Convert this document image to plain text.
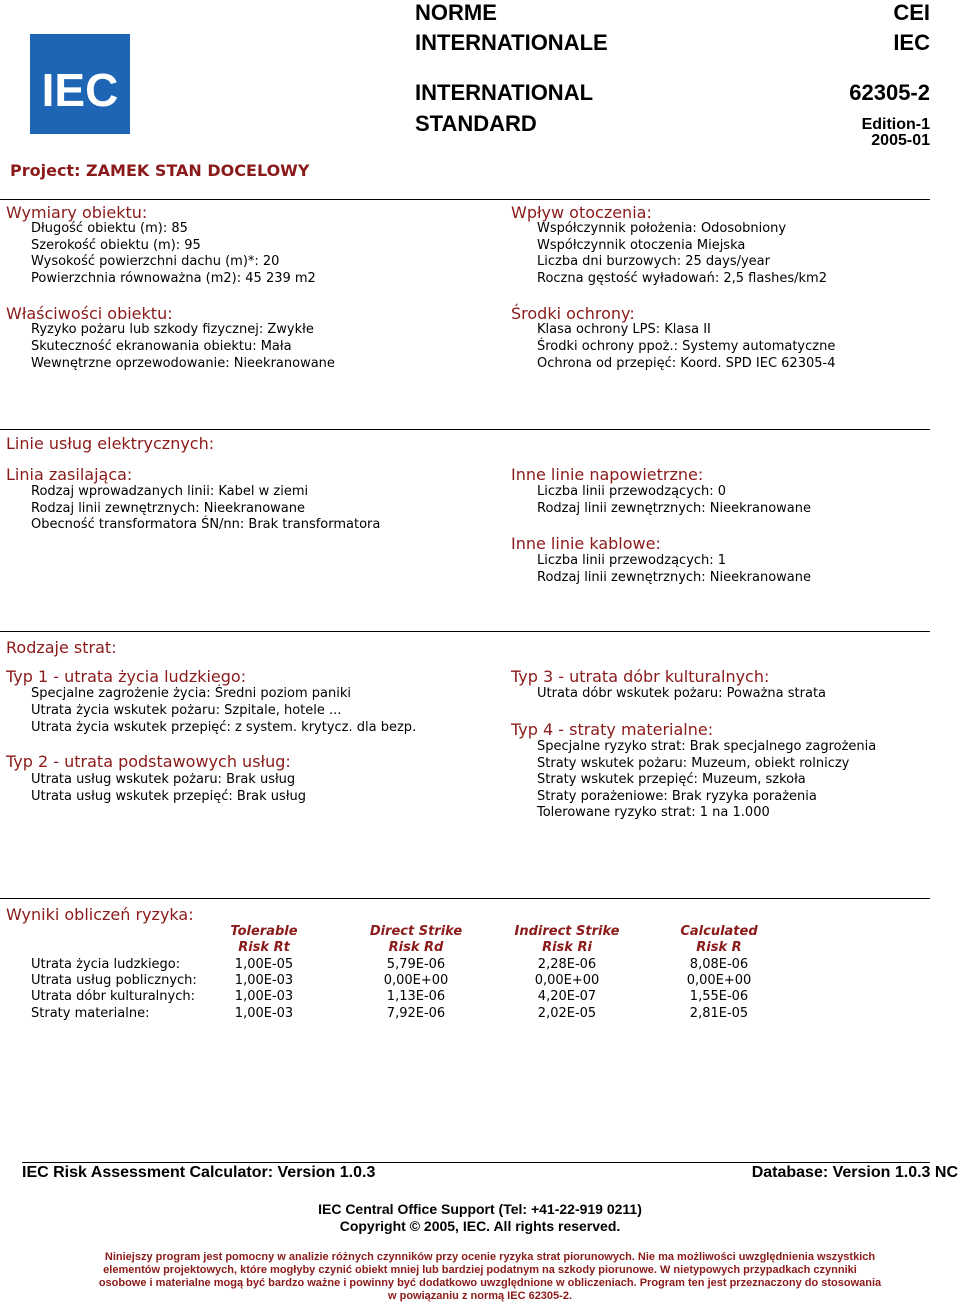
IEC
NORME
INTERNATIONALE
INTERNATIONAL
STANDARD
CEI
IEC
62305-2
Edition-1
2005-01
Project: ZAMEK STAN DOCELOWY
Wymiary obiektu:
Długość obiektu (m): 85
Szerokość obiektu (m): 95
Wysokość powierzchni dachu (m)*: 20
Powierzchnia równoważna (m2): 45 239 m2
Właściwości obiektu:
Ryzyko pożaru lub szkody fizycznej: Zwykłe
Skuteczność ekranowania obiektu: Mała
Wewnętrzne oprzewodowanie: Nieekranowane
Wpływ otoczenia:
Współczynnik położenia: Odosobniony
Współczynnik otoczenia Miejska
Liczba dni burzowych: 25 days/year
Roczna gęstość wyładowań: 2,5 flashes/km2
Środki ochrony:
Klasa ochrony LPS: Klasa II
Środki ochrony ppoż.: Systemy automatyczne
Ochrona od przepięć: Koord. SPD IEC 62305-4
Linie usług elektrycznych:
Linia zasilająca:
Rodzaj wprowadzanych linii: Kabel w ziemi
Rodzaj linii zewnętrznych: Nieekranowane
Obecność transformatora ŚN/nn: Brak transformatora
Inne linie napowietrzne:
Liczba linii przewodzących: 0
Rodzaj linii zewnętrznych: Nieekranowane
Inne linie kablowe:
Liczba linii przewodzących: 1
Rodzaj linii zewnętrznych: Nieekranowane
Rodzaje strat:
Typ 1 - utrata życia ludzkiego:
Specjalne zagrożenie życia: Średni poziom paniki
Utrata życia wskutek pożaru: Szpitale, hotele ...
Utrata życia wskutek przepięć: z system. krytycz. dla bezp.
Typ 2 - utrata podstawowych usług:
Utrata usług wskutek pożaru: Brak usług
Utrata usług wskutek przepięć: Brak usług
Typ 3 - utrata dóbr kulturalnych:
Utrata dóbr wskutek pożaru: Poważna strata
Typ 4 - straty materialne:
Specjalne ryzyko strat: Brak specjalnego zagrożenia
Straty wskutek pożaru: Muzeum, obiekt rolniczy
Straty wskutek przepięć: Muzeum, szkoła
Straty porażeniowe: Brak ryzyka porażenia
Tolerowane ryzyko strat: 1 na 1.000
Wyniki obliczeń ryzyka:
Tolerable
Risk Rt
Direct Strike
Risk Rd
Indirect Strike
Risk Ri
Calculated
Risk R
Utrata życia ludzkiego:	1,00E-05	5,79E-06	2,28E-06	8,08E-06
Utrata usług poblicznych:	1,00E-03	0,00E+00	0,00E+00	0,00E+00
Utrata dóbr kulturalnych:	1,00E-03	1,13E-06	4,20E-07	1,55E-06
Straty materialne:	1,00E-03	7,92E-06	2,02E-05	2,81E-05
IEC Risk Assessment Calculator: Version 1.0.3	Database: Version 1.0.3 NC
IEC Central Office Support (Tel: +41-22-919 0211)
Copyright © 2005, IEC. All rights reserved.
Niniejszy program jest pomocny w analizie różnych czynników przy ocenie ryzyka strat piorunowych. Nie ma możliwości uwzględnienia wszystkich
elementów projektowych, które mogłyby czynić obiekt mniej lub bardziej podatnym na szkody piorunowe. W nietypowych przypadkach czynniki
osobowe i materialne mogą być bardzo ważne i powinny być dodatkowo uwzględnione w obliczeniach. Program ten jest przeznaczony do stosowania
w powiązaniu z normą IEC 62305-2.
